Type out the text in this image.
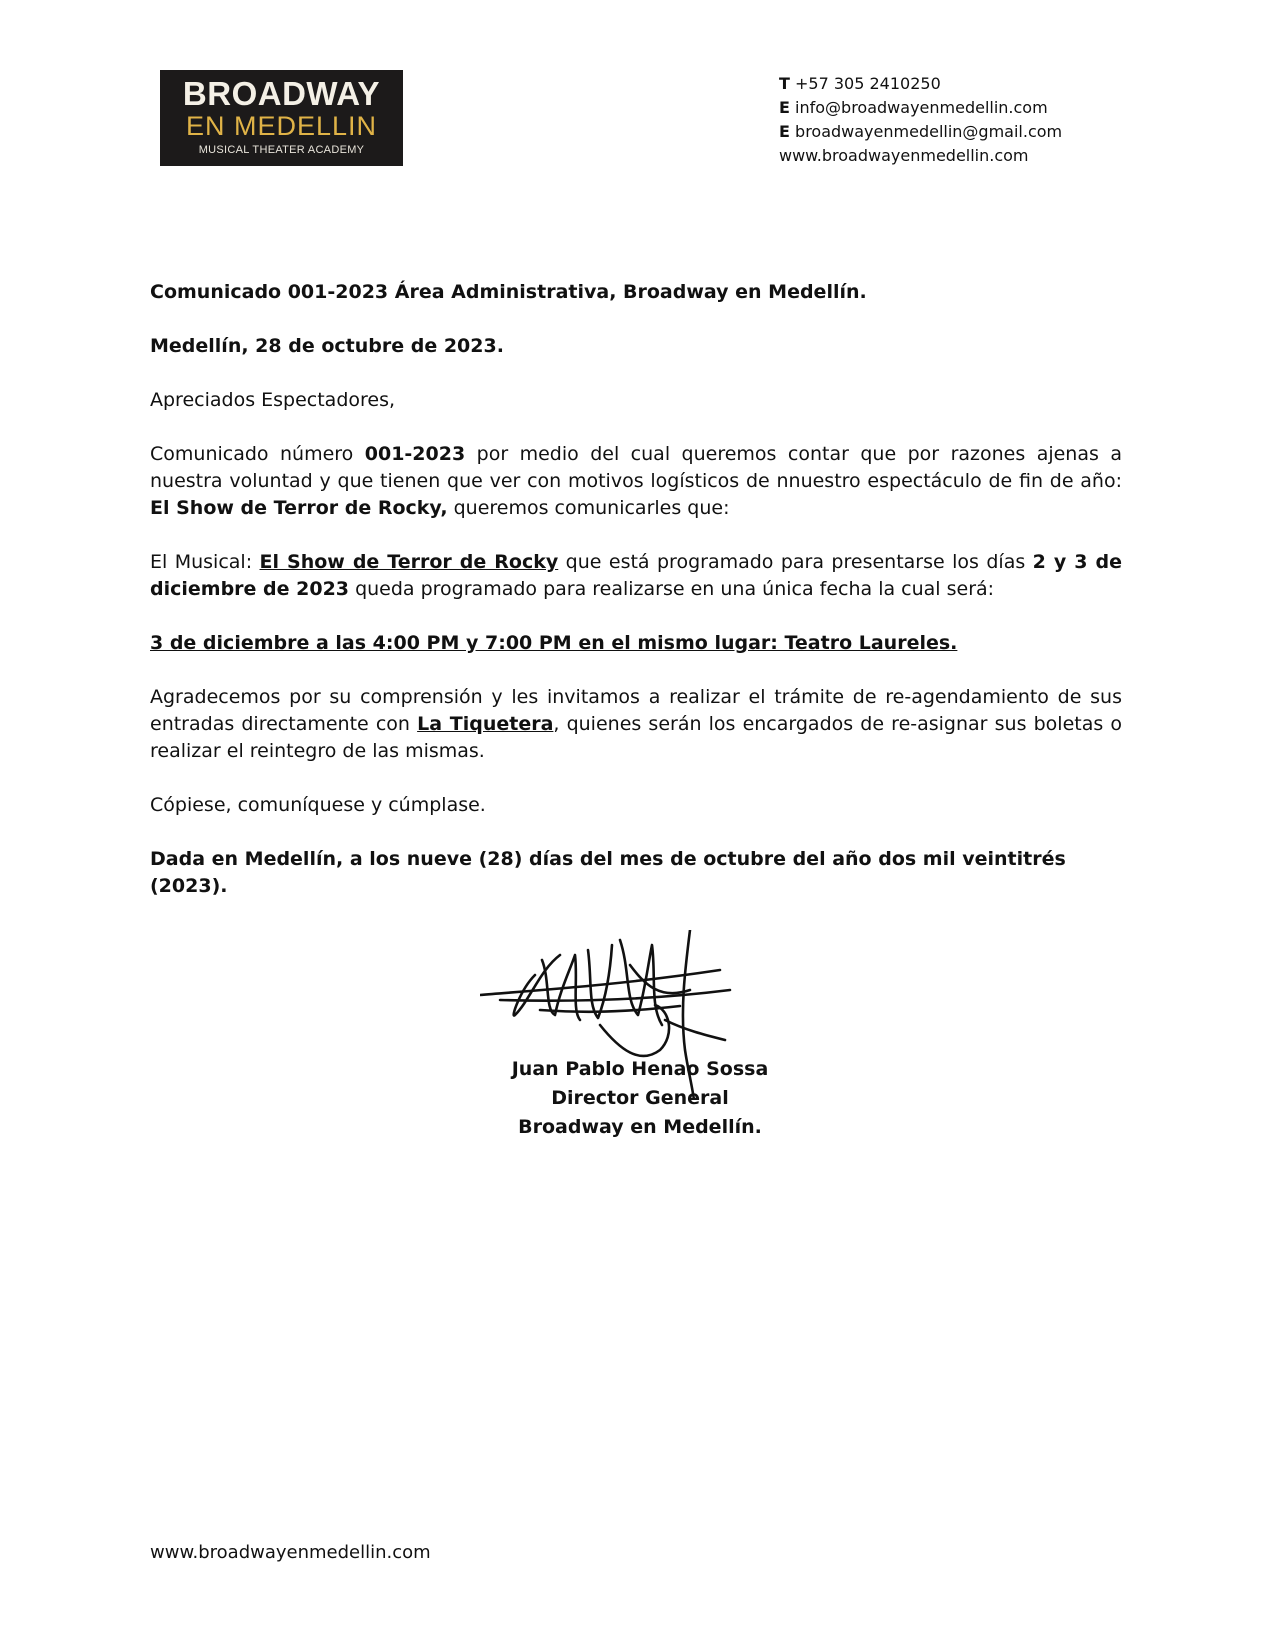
BROADWAY
EN MEDELLIN
MUSICAL THEATER ACADEMY
T +57 305 2410250
E info@broadwayenmedellin.com
E broadwayenmedellin@gmail.com
www.broadwayenmedellin.com

Comunicado 001-2023 Área Administrativa, Broadway en Medellín.

Medellín, 28 de octubre de 2023.

Apreciados Espectadores,

Comunicado número 001-2023 por medio del cual queremos contar que por razones ajenas a nuestra voluntad y que tienen que ver con motivos logísticos de nnuestro espectáculo de fin de año: El Show de Terror de Rocky, queremos comunicarles que:

El Musical: El Show de Terror de Rocky que está programado para presentarse los días 2 y 3 de diciembre de 2023 queda programado para realizarse en una única fecha la cual será:

3 de diciembre a las 4:00 PM y 7:00 PM en el mismo lugar: Teatro Laureles.

Agradecemos por su comprensión y les invitamos a realizar el trámite de re-agendamiento de sus entradas directamente con La Tiquetera, quienes serán los encargados de re-asignar sus boletas o realizar el reintegro de las mismas.

Cópiese, comuníquese y cúmplase.

Dada en Medellín, a los nueve (28) días del mes de octubre del año dos mil veintitrés (2023).

Juan Pablo Henao Sossa
Director General
Broadway en Medellín.
www.broadwayenmedellin.com
